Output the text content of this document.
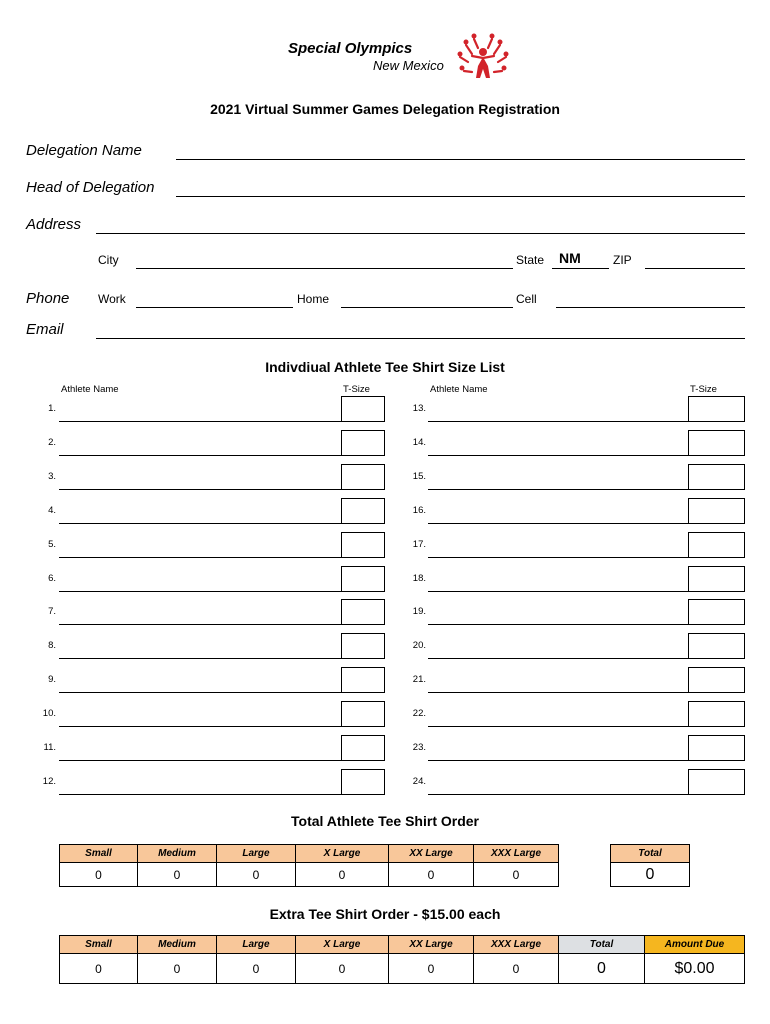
Special Olympics
New Mexico
2021 Virtual Summer Games Delegation Registration
Delegation Name
Head of Delegation
Address
City	State NM	ZIP
Phone Work	Home	Cell
Email
Indivdiual Athlete Tee Shirt Size List
Athlete Name	T-Size	Athlete Name	T-Size
1.
2.
3.
4.
5.
6.
7.
8.
9.
10.
11.
12.
13.
14.
15.
16.
17.
18.
19.
20.
21.
22.
23.
24.
Total Athlete Tee Shirt Order
Small	Medium	Large	X Large	XX Large	XXX Large
0	0	0	0	0	0
Total
0
Extra Tee Shirt Order - $15.00 each
Small	Medium	Large	X Large	XX Large	XXX Large	Total	Amount Due
0	0	0	0	0	0	0	$0.00
